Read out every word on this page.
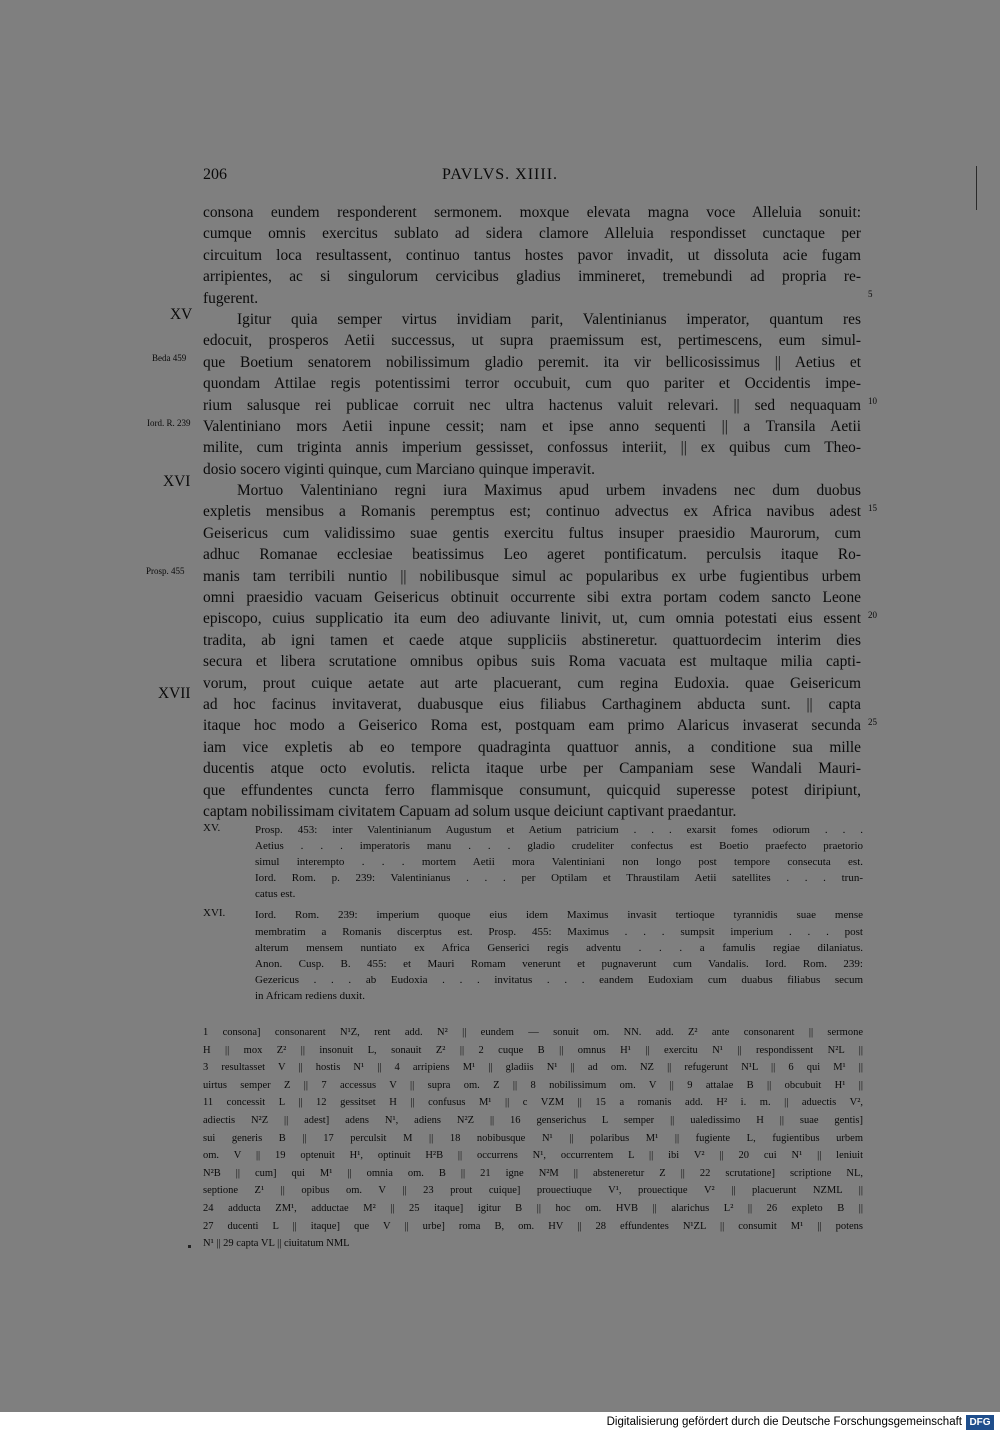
206	PAVLVS. XIIII.
consona eundem responderent sermonem. moxque elevata magna voce Alleluia sonuit:
cumque omnis exercitus sublato ad sidera clamore Alleluia respondisset cunctaque per
circuitum loca resultassent, continuo tantus hostes pavor invadit, ut dissoluta acie fugam
arripientes, ac si singulorum cervicibus gladius immineret, tremebundi ad propria re-
fugerent.
Igitur quia semper virtus invidiam parit, Valentinianus imperator, quantum res
edocuit, prosperos Aetii successus, ut supra praemissum est, pertimescens, eum simul-
que Boetium senatorem nobilissimum gladio peremit. ita vir bellicosissimus || Aetius et
quondam Attilae regis potentissimi terror occubuit, cum quo pariter et Occidentis impe-
rium salusque rei publicae corruit nec ultra hactenus valuit relevari. || sed nequaquam
Valentiniano mors Aetii inpune cessit; nam et ipse anno sequenti || a Transila Aetii
milite, cum triginta annis imperium gessisset, confossus interiit, || ex quibus cum Theo-
dosio socero viginti quinque, cum Marciano quinque imperavit.
Mortuo Valentiniano regni iura Maximus apud urbem invadens nec dum duobus
expletis mensibus a Romanis peremptus est; continuo advectus ex Africa navibus adest
Geisericus cum validissimo suae gentis exercitu fultus insuper praesidio Maurorum, cum
adhuc Romanae ecclesiae beatissimus Leo ageret pontificatum. perculsis itaque Ro-
manis tam terribili nuntio || nobilibusque simul ac popularibus ex urbe fugientibus urbem
omni praesidio vacuam Geisericus obtinuit occurrente sibi extra portam codem sancto Leone
episcopo, cuius supplicatio ita eum deo adiuvante linivit, ut, cum omnia potestati eius essent
tradita, ab igni tamen et caede atque suppliciis abstineretur. quattuordecim interim dies
secura et libera scrutatione omnibus opibus suis Roma vacuata est multaque milia capti-
vorum, prout cuique aetate aut arte placuerant, cum regina Eudoxia. quae Geisericum
ad hoc facinus invitaverat, duabusque eius filiabus Carthaginem abducta sunt. || capta
itaque hoc modo a Geiserico Roma est, postquam eam primo Alaricus invaserat secunda
iam vice expletis ab eo tempore quadraginta quattuor annis, a conditione sua mille
ducentis atque octo evolutis. relicta itaque urbe per Campaniam sese Wandali Mauri-
que effundentes cuncta ferro flammisque consumunt, quicquid superesse potest diripiunt,
captam nobilissimam civitatem Capuam ad solum usque deiciunt captivant praedantur.
XV
XVI
XVII
Beda 459
Iord. R. 239
Prosp. 455
5
10
15
20
25
XV.	Prosp. 453: inter Valentinianum Augustum et Aetium patricium . . . exarsit fomes odiorum . . .
Aetius . . . imperatoris manu . . . gladio crudeliter confectus est Boetio praefecto praetorio
simul interempto . . . mortem Aetii mora Valentiniani non longo post tempore consecuta est.
Iord. Rom. p. 239: Valentinianus . . . per Optilam et Thraustilam Aetii satellites . . . trun-
catus est.
XVI.	Iord. Rom. 239: imperium quoque eius idem Maximus invasit tertioque tyrannidis suae mense
membratim a Romanis discerptus est. Prosp. 455: Maximus . . . sumpsit imperium . . . post
alterum mensem nuntiato ex Africa Genserici regis adventu . . . a famulis regiae dilaniatus.
Anon. Cusp. B. 455: et Mauri Romam venerunt et pugnaverunt cum Vandalis. Iord. Rom. 239:
Gezericus . . . ab Eudoxia . . . invitatus . . . eandem Eudoxiam cum duabus filiabus secum
in Africam rediens duxit.
1 consona] consonarent N¹Z, rent add. N² || eundem — sonuit om. NN. add. Z² ante consonarent || sermone
H || mox Z² || insonuit L, sonauit Z² || 2 cuque B || omnus H¹ || exercitu N¹ || respondissent N²L ||
3 resultasset V || hostis N¹ || 4 arripiens M¹ || gladiis N¹ || ad om. NZ || refugerunt N¹L || 6 qui M¹ ||
uirtus semper Z || 7 accessus V || supra om. Z || 8 nobilissimum om. V || 9 attalae B || obcubuit H¹ ||
11 concessit L || 12 gessitset H || confusus M¹ || c VZM || 15 a romanis add. H² i. m. || aduectis V²,
adiectis N²Z || adest] adens N¹, adiens N²Z || 16 genserichus L semper || ualedissimo H || suae gentis]
sui generis B || 17 perculsit M || 18 nobibusque N¹ || polaribus M¹ || fugiente L, fugientibus urbem
om. V || 19 optenuit H¹, optinuit H²B || occurrens N¹, occurrentem L || ibi V² || 20 cui N¹ || leniuit
N²B || cum] qui M¹ || omnia om. B || 21 igne N²M || absteneretur Z || 22 scrutatione] scriptione NL,
septione Z¹ || opibus om. V || 23 prout cuique] prouectiuque V¹, prouectique V² || placuerunt NZML ||
24 adducta ZM¹, adductae M² || 25 itaque] igitur B || hoc om. HVB || alarichus L² || 26 expleto B ||
27 ducenti L || itaque] que V || urbe] roma B, om. HV || 28 effundentes N¹ZL || consumit M¹ || potens
N¹ || 29 capta VL || ciuitatum NML
Digitalisierung gefördert durch die Deutsche Forschungsgemeinschaft DFG
